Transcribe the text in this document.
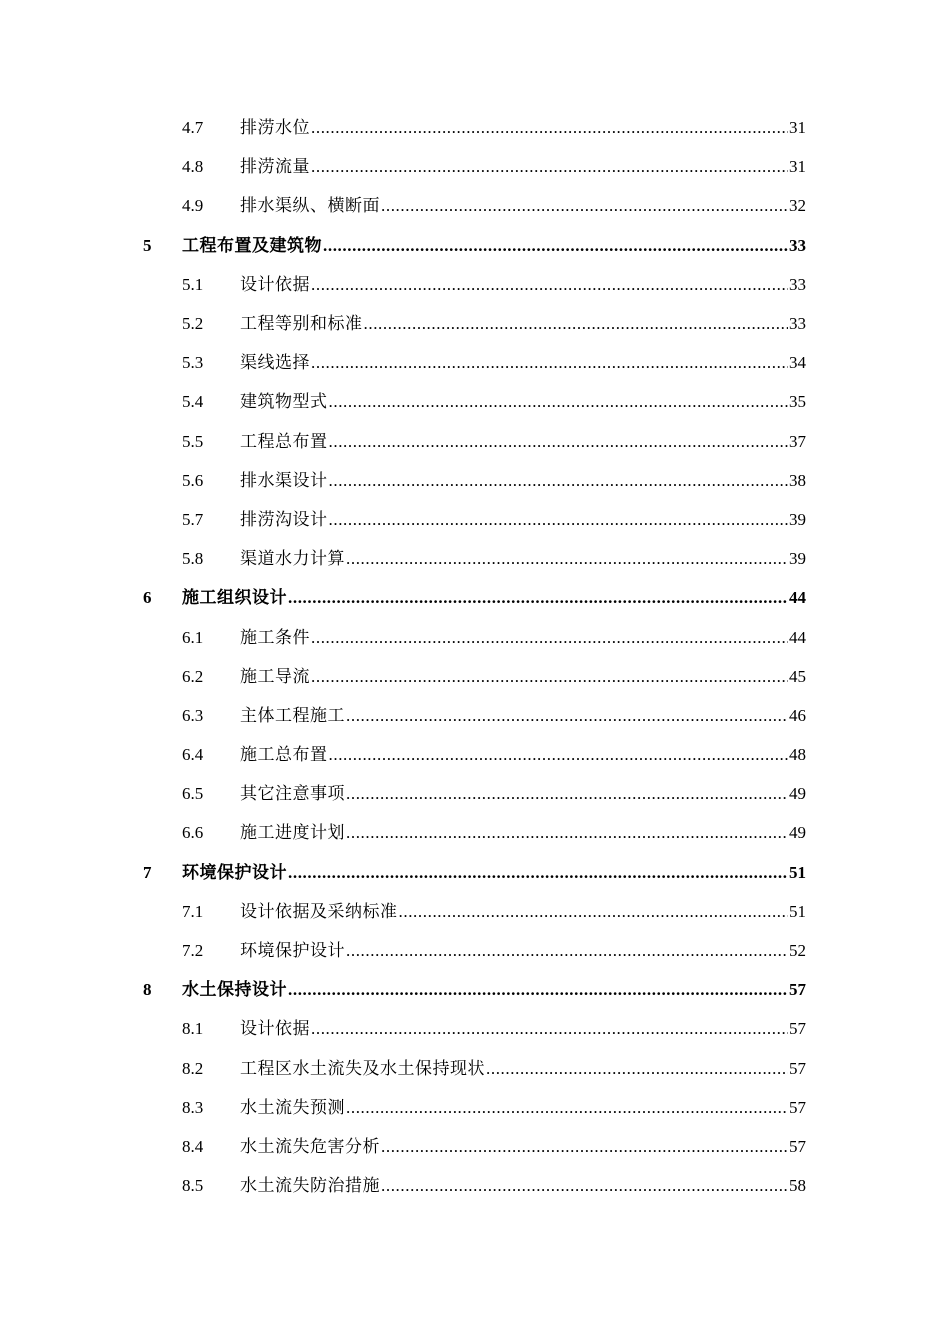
4.7 排涝水位 .....	31
4.8 排涝流量 .....	31
4.9 排水渠纵、横断面 .....	32
5 工程布置及建筑物 .....	33
5.1 设计依据 .....	33
5.2 工程等别和标准 .....	33
5.3 渠线选择 .....	34
5.4 建筑物型式 .....	35
5.5 工程总布置 .....	37
5.6 排水渠设计 .....	38
5.7 排涝沟设计 .....	39
5.8 渠道水力计算 .....	39
6 施工组织设计 .....	44
6.1 施工条件 .....	44
6.2 施工导流 .....	45
6.3 主体工程施工 .....	46
6.4 施工总布置 .....	48
6.5 其它注意事项 .....	49
6.6 施工进度计划 .....	49
7 环境保护设计 .....	51
7.1 设计依据及采纳标准 .....	51
7.2 环境保护设计 .....	52
8 水土保持设计 .....	57
8.1 设计依据 .....	57
8.2 工程区水土流失及水土保持现状 .....	57
8.3 水土流失预测 .....	57
8.4 水土流失危害分析 .....	57
8.5 水土流失防治措施 .....	58
